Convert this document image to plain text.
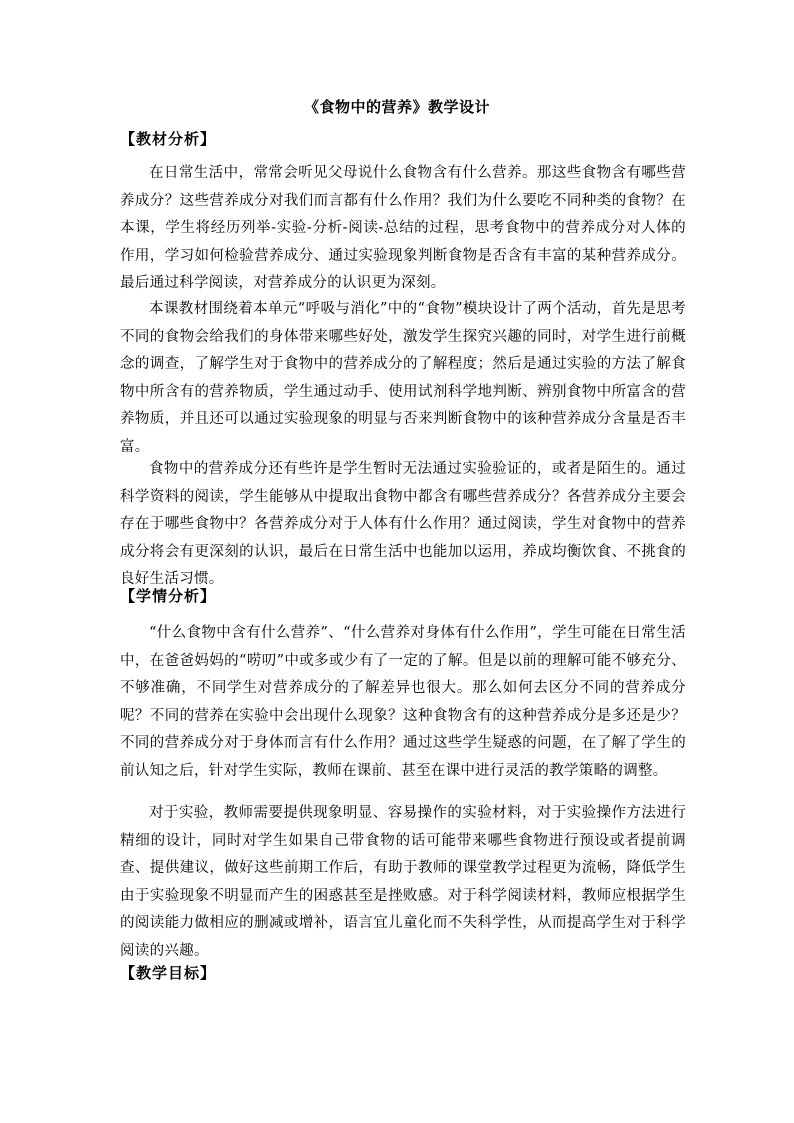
《食物中的营养》教学设计
【教材分析】
在日常生活中，常常会听见父母说什么食物含有什么营养。那这些食物含有哪些营养成分？这些营养成分对我们而言都有什么作用？我们为什么要吃不同种类的食物？在本课，学生将经历列举-实验-分析-阅读-总结的过程，思考食物中的营养成分对人体的作用，学习如何检验营养成分、通过实验现象判断食物是否含有丰富的某种营养成分。最后通过科学阅读，对营养成分的认识更为深刻。
本课教材围绕着本单元“呼吸与消化”中的“食物”模块设计了两个活动，首先是思考不同的食物会给我们的身体带来哪些好处，激发学生探究兴趣的同时，对学生进行前概念的调查，了解学生对于食物中的营养成分的了解程度；然后是通过实验的方法了解食物中所含有的营养物质，学生通过动手、使用试剂科学地判断、辨别食物中所富含的营养物质，并且还可以通过实验现象的明显与否来判断食物中的该种营养成分含量是否丰富。
食物中的营养成分还有些许是学生暂时无法通过实验验证的，或者是陌生的。通过科学资料的阅读，学生能够从中提取出食物中都含有哪些营养成分？各营养成分主要会存在于哪些食物中？各营养成分对于人体有什么作用？通过阅读，学生对食物中的营养成分将会有更深刻的认识，最后在日常生活中也能加以运用，养成均衡饮食、不挑食的良好生活习惯。
【学情分析】
“什么食物中含有什么营养”、“什么营养对身体有什么作用”，学生可能在日常生活中，在爸爸妈妈的“唠叨”中或多或少有了一定的了解。但是以前的理解可能不够充分、不够准确，不同学生对营养成分的了解差异也很大。那么如何去区分不同的营养成分呢？不同的营养在实验中会出现什么现象？这种食物含有的这种营养成分是多还是少？不同的营养成分对于身体而言有什么作用？通过这些学生疑惑的问题，在了解了学生的前认知之后，针对学生实际，教师在课前、甚至在课中进行灵活的教学策略的调整。
对于实验，教师需要提供现象明显、容易操作的实验材料，对于实验操作方法进行精细的设计，同时对学生如果自己带食物的话可能带来哪些食物进行预设或者提前调查、提供建议，做好这些前期工作后，有助于教师的课堂教学过程更为流畅，降低学生由于实验现象不明显而产生的困惑甚至是挫败感。对于科学阅读材料，教师应根据学生的阅读能力做相应的删减或增补，语言宜儿童化而不失科学性，从而提高学生对于科学阅读的兴趣。
【教学目标】
